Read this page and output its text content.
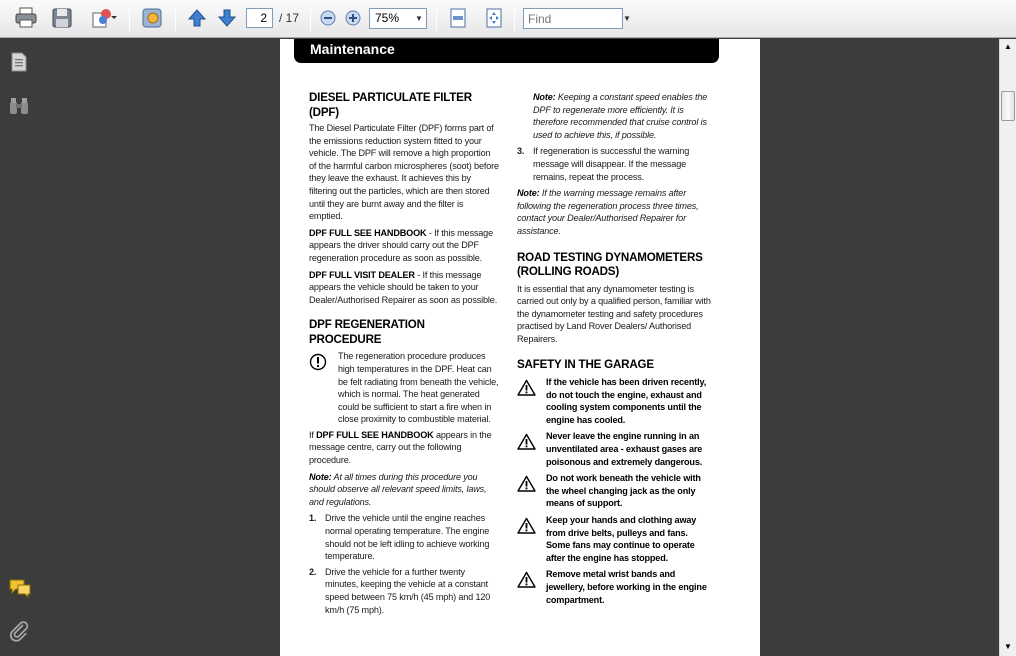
2
/ 17	75%	▼
Find	▼
Maintenance
DIESEL PARTICULATE FILTER (DPF)

The Diesel Particulate Filter (DPF) forms part of the emissions reduction system fitted to your vehicle. The DPF will remove a high proportion of the harmful carbon microspheres (soot) before they leave the exhaust. It achieves this by filtering out the particles, which are then stored until they are burnt away and the filter is emptied.

DPF FULL SEE HANDBOOK - If this message appears the driver should carry out the DPF regeneration procedure as soon as possible.

DPF FULL VISIT DEALER - If this message appears the vehicle should be taken to your Dealer/Authorised Repairer as soon as possible.

DPF REGENERATION PROCEDURE
The regeneration procedure produces high temperatures in the DPF. Heat can be felt radiating from beneath the vehicle, which is normal. The heat generated could be sufficient to start a fire when in close proximity to combustible material.

If DPF FULL SEE HANDBOOK appears in the message centre, carry out the following procedure.

Note: At all times during this procedure you should observe all relevant speed limits, laws, and regulations.

1. Drive the vehicle until the engine reaches normal operating temperature. The engine should not be left idling to achieve working temperature.
2. Drive the vehicle for a further twenty minutes, keeping the vehicle at a constant speed between 75 km/h (45 mph) and 120 km/h (75 mph).

Note: Keeping a constant speed enables the DPF to regenerate more efficiently. It is therefore recommended that cruise control is used to achieve this, if possible.

3. If regeneration is successful the warning message will disappear. If the message remains, repeat the process.

Note: If the warning message remains after following the regeneration process three times, contact your Dealer/Authorised Repairer for assistance.

ROAD TESTING DYNAMOMETERS (ROLLING ROADS)

It is essential that any dynamometer testing is carried out only by a qualified person, familiar with the dynamometer testing and safety procedures practised by Land Rover Dealers/ Authorised Repairers.

SAFETY IN THE GARAGE
If the vehicle has been driven recently, do not touch the engine, exhaust and cooling system components until the engine has cooled.
Never leave the engine running in an unventilated area - exhaust gases are poisonous and extremely dangerous.
Do not work beneath the vehicle with the wheel changing jack as the only means of support.
Keep your hands and clothing away from drive belts, pulleys and fans. Some fans may continue to operate after the engine has stopped.
Remove metal wrist bands and jewellery, before working in the engine compartment.
▲
▼
